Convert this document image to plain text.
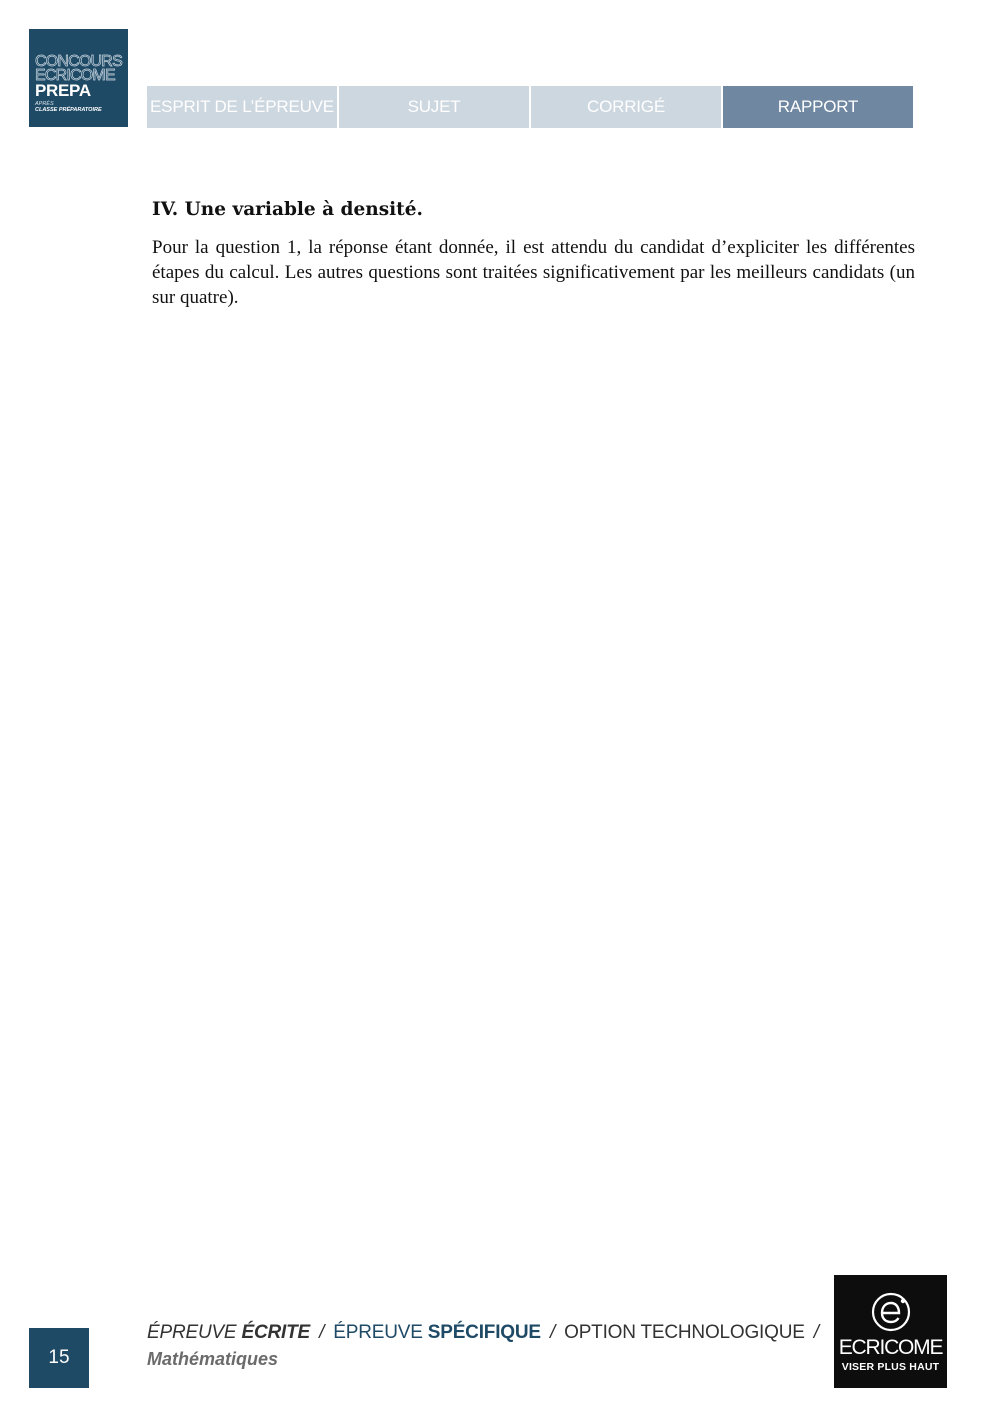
CONCOURS
ECRICOME
PREPA
APRÈS
CLASSE PRÉPARATOIRE	ESPRIT DE L’ÉPREUVE	SUJET	CORRIGÉ	RAPPORT
IV. Une variable à densité.

Pour la question 1, la réponse étant donnée, il est attendu du candidat d’expliciter les différentes étapes du calcul. Les autres questions sont traitées significativement par les meilleurs candidats (un sur quatre).

15
ÉPREUVE ÉCRITE / ÉPREUVE SPÉCIFIQUE / OPTION TECHNOLOGIQUE /
Mathématiques	ECRICOME
VISER PLUS HAUT
